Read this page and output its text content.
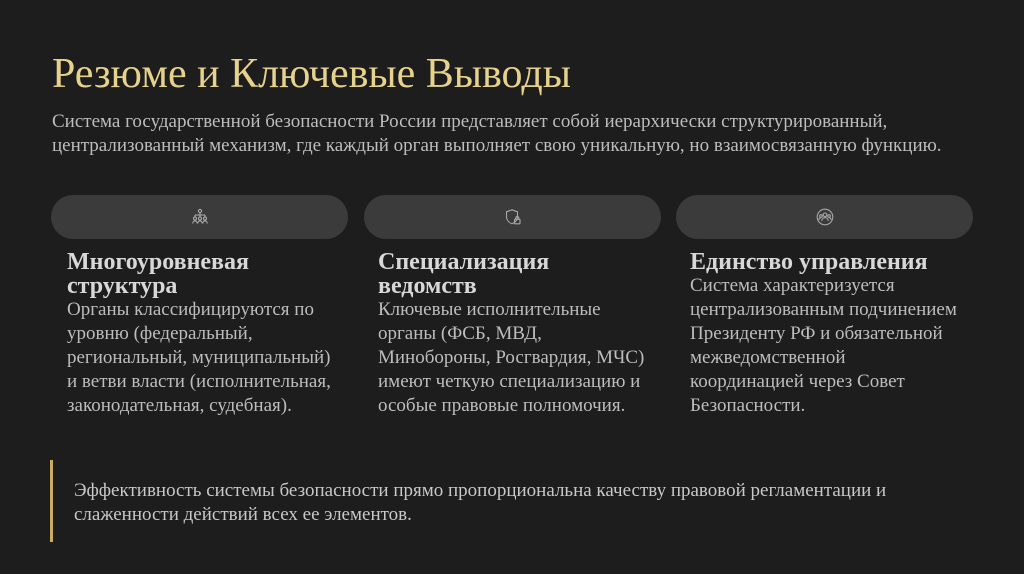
Резюме и Ключевые Выводы

Система государственной безопасности России представляет собой иерархически структурированный, централизованный механизм, где каждый орган выполняет свою уникальную, но взаимосвязанную функцию.

Многоуровневая структура

Органы классифицируются по уровню (федеральный, региональный, муниципальный) и ветви власти (исполнительная, законодательная, судебная).

Специализация ведомств

Ключевые исполнительные органы (ФСБ, МВД, Минобороны, Росгвардия, МЧС) имеют четкую специализацию и особые правовые полномочия.

Единство управления

Система характеризуется централизованным подчинением Президенту РФ и обязательной межведомственной координацией через Совет Безопасности.

Эффективность системы безопасности прямо пропорциональна качеству правовой регламентации и слаженности действий всех ее элементов.
